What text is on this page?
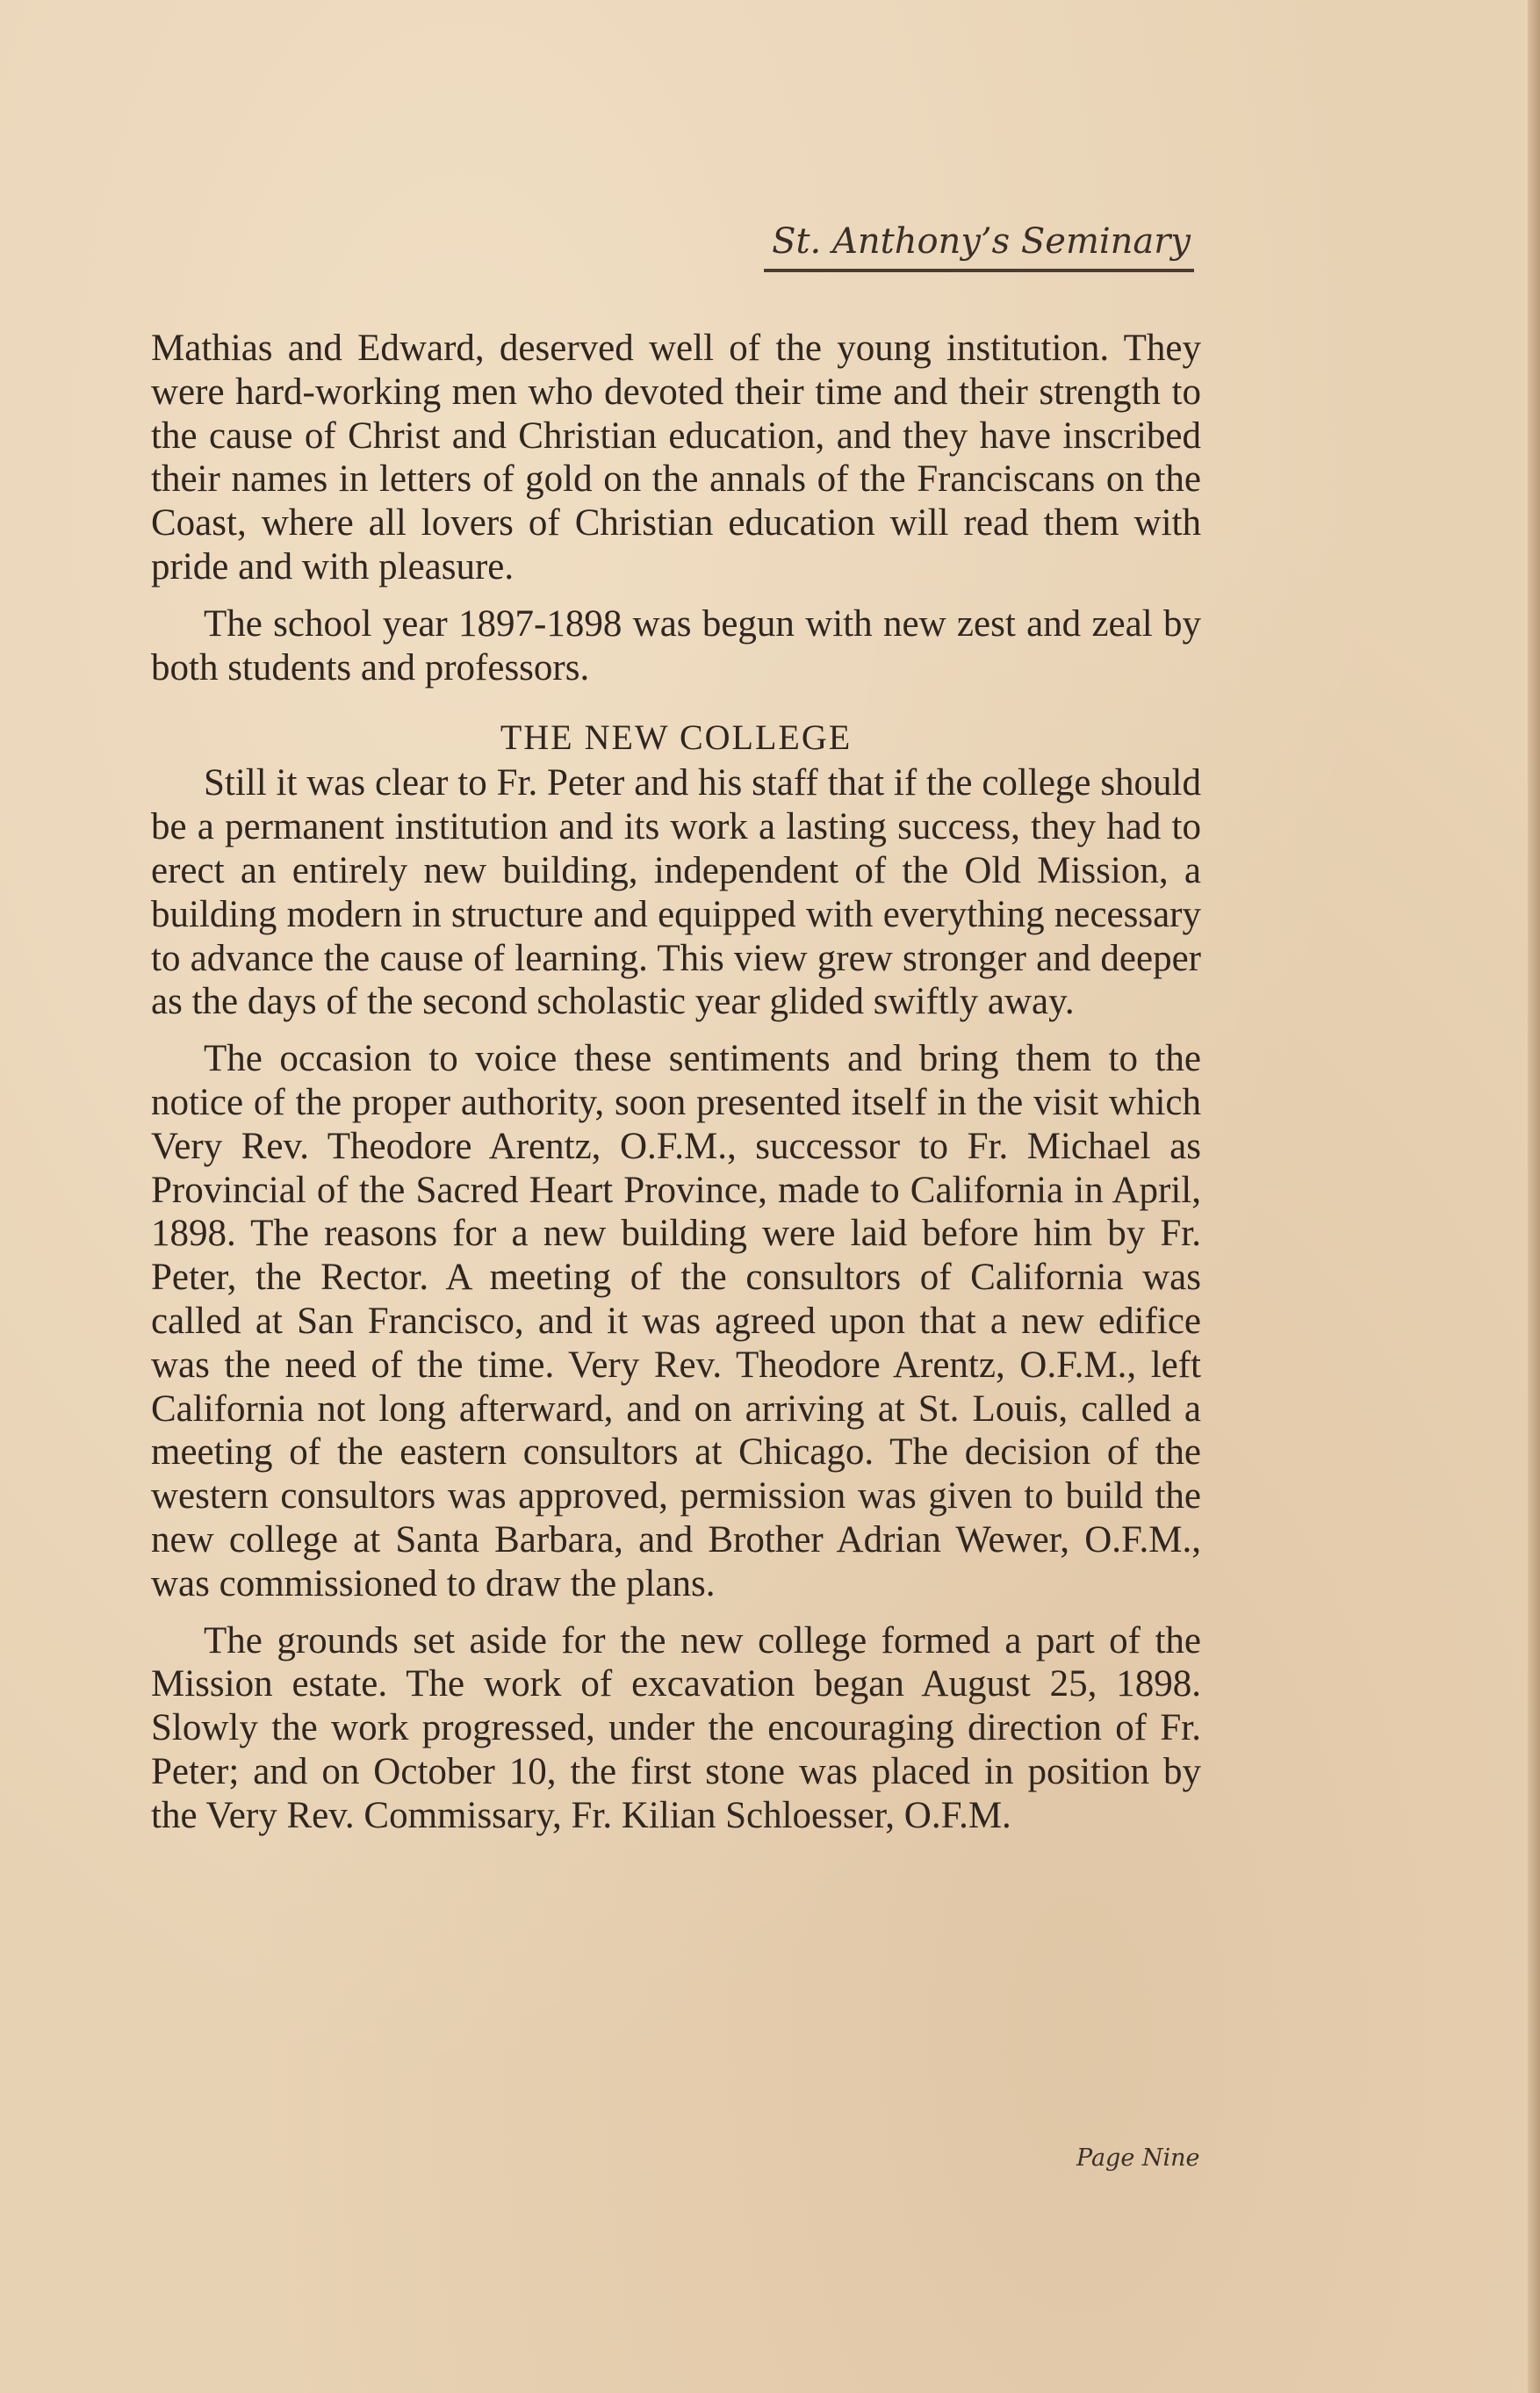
St. Anthony’s Seminary

Mathias and Edward, deserved well of the young institution. They were hard-working men who devoted their time and their strength to the cause of Christ and Christian education, and they have inscribed their names in letters of gold on the annals of the Franciscans on the Coast, where all lovers of Christian education will read them with pride and with pleasure.

The school year 1897-1898 was begun with new zest and zeal by both students and professors.

THE NEW COLLEGE

Still it was clear to Fr. Peter and his staff that if the college should be a permanent institution and its work a lasting success, they had to erect an entirely new building, independent of the Old Mission, a building modern in structure and equipped with everything necessary to advance the cause of learning. This view grew stronger and deeper as the days of the second scholastic year glided swiftly away.

The occasion to voice these sentiments and bring them to the notice of the proper authority, soon presented itself in the visit which Very Rev. Theodore Arentz, O.F.M., successor to Fr. Michael as Provincial of the Sacred Heart Province, made to California in April, 1898. The reasons for a new building were laid before him by Fr. Peter, the Rector. A meeting of the consultors of California was called at San Francisco, and it was agreed upon that a new edifice was the need of the time. Very Rev. Theodore Arentz, O.F.M., left California not long afterward, and on arriving at St. Louis, called a meeting of the eastern consultors at Chicago. The decision of the western consultors was approved, permission was given to build the new college at Santa Barbara, and Brother Adrian Wewer, O.F.M., was commissioned to draw the plans.

The grounds set aside for the new college formed a part of the Mission estate. The work of excavation began August 25, 1898. Slowly the work progressed, under the encouraging direction of Fr. Peter; and on October 10, the first stone was placed in position by the Very Rev. Commissary, Fr. Kilian Schloesser, O.F.M.

Page Nine
